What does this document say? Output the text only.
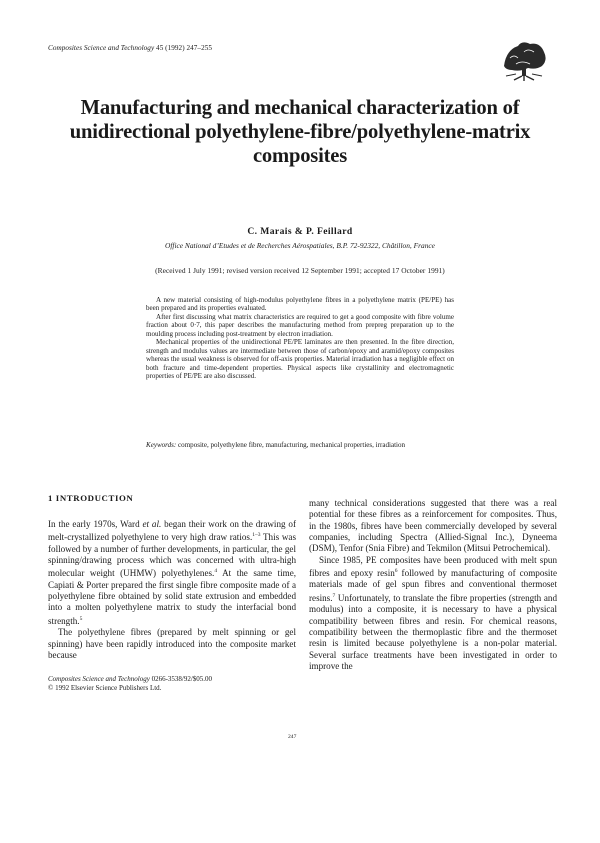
Composites Science and Technology 45 (1992) 247–255
Manufacturing and mechanical characterization of unidirectional polyethylene-fibre/polyethylene-matrix composites
C. Marais & P. Feillard
Office National d’Etudes et de Recherches Aérospatiales, B.P. 72-92322, Châtillon, France
(Received 1 July 1991; revised version received 12 September 1991; accepted 17 October 1991)

A new material consisting of high-modulus polyethylene fibres in a polyethylene matrix (PE/PE) has been prepared and its properties evaluated.

After first discussing what matrix characteristics are required to get a good composite with fibre volume fraction about 0·7, this paper describes the manufacturing method from prepreg preparation up to the moulding process including post-treatment by electron irradiation.

Mechanical properties of the unidirectional PE/PE laminates are then presented. In the fibre direction, strength and modulus values are intermediate between those of carbon/epoxy and aramid/epoxy composites whereas the usual weakness is observed for off-axis properties. Material irradiation has a negligible effect on both fracture and time-dependent properties. Physical aspects like crystallinity and electromagnetic properties of PE/PE are also discussed.

Keywords: composite, polyethylene fibre, manufacturing, mechanical properties, irradiation
1 INTRODUCTION

In the early 1970s, Ward et al. began their work on the drawing of melt-crystallized polyethylene to very high draw ratios.$^{1-3}$ This was followed by a number of further developments, in particular, the gel spinning/drawing process which was concerned with ultra-high molecular weight (UHMW) polyethylenes.$^4$ At the same time, Capiati & Porter prepared the first single fibre composite made of a polyethylene fibre obtained by solid state extrusion and embedded into a molten polyethylene matrix to study the interfacial bond strength.$^5$

The polyethylene fibres (prepared by melt spinning or gel spinning) have been rapidly introduced into the composite market because

many technical considerations suggested that there was a real potential for these fibres as a reinforcement for composites. Thus, in the 1980s, fibres have been commercially developed by several companies, including Spectra (Allied-Signal Inc.), Dyneema (DSM), Tenfor (Snia Fibre) and Tekmilon (Mitsui Petrochemical).

Since 1985, PE composites have been produced with melt spun fibres and epoxy resin$^6$ followed by manufacturing of composite materials made of gel spun fibres and conventional thermoset resins.$^7$ Unfortunately, to translate the fibre properties (strength and modulus) into a composite, it is necessary to have a physical compatibility between fibres and resin. For chemical reasons, compatibility between the thermoplastic fibre and the thermoset resin is limited because polyethylene is a non-polar material. Several surface treatments have been investigated in order to improve the

Composites Science and Technology 0266-3538/92/$05.00
© 1992 Elsevier Science Publishers Ltd.
247
